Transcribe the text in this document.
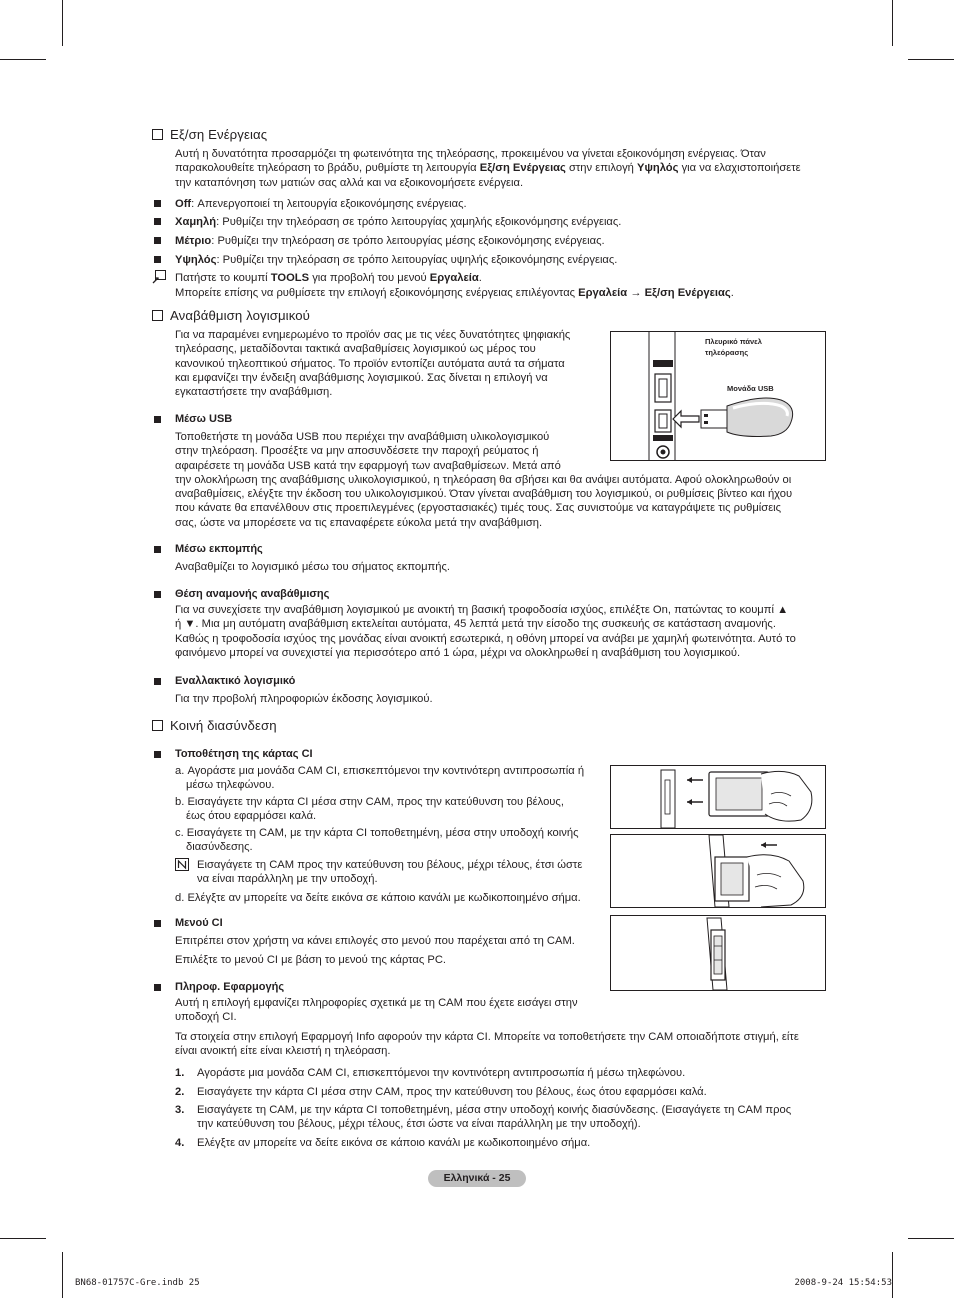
Εξ/ση Ενέργειας
Αυτή η δυνατότητα προσαρμόζει τη φωτεινότητα της τηλεόρασης, προκειμένου να γίνεται εξοικονόμηση ενέργειας. Όταν
παρακολουθείτε τηλεόραση το βράδυ, ρυθμίστε τη λειτουργία Εξ/ση Ενέργειας στην επιλογή Υψηλός για να ελαχιστοποιήσετε
την καταπόνηση των ματιών σας αλλά και να εξοικονομήσετε ενέργεια.
Off: Απενεργοποιεί τη λειτουργία εξοικονόμησης ενέργειας.
Χαμηλή: Ρυθμίζει την τηλεόραση σε τρόπο λειτουργίας χαμηλής εξοικονόμησης ενέργειας.
Μέτριο: Ρυθμίζει την τηλεόραση σε τρόπο λειτουργίας μέσης εξοικονόμησης ενέργειας.
Υψηλός: Ρυθμίζει την τηλεόραση σε τρόπο λειτουργίας υψηλής εξοικονόμησης ενέργειας.
Πατήστε το κουμπί TOOLS για προβολή του μενού Εργαλεία.
Μπορείτε επίσης να ρυθμίσετε την επιλογή εξοικονόμησης ενέργειας επιλέγοντας Εργαλεία → Εξ/ση Ενέργειας.
Αναβάθμιση λογισμικού
Για να παραμένει ενημερωμένο το προϊόν σας με τις νέες δυνατότητες ψηφιακής
τηλεόρασης, μεταδίδονται τακτικά αναβαθμίσεις λογισμικού ως μέρος του
κανονικού τηλεοπτικού σήματος. Το προϊόν εντοπίζει αυτόματα αυτά τα σήματα
και εμφανίζει την ένδειξη αναβάθμισης λογισμικού. Σας δίνεται η επιλογή να
εγκαταστήσετε την αναβάθμιση.
Πλευρικό πάνελ
τηλεόρασης
Μονάδα USB
Μέσω USB
Τοποθετήστε τη μονάδα USB που περιέχει την αναβάθμιση υλικολογισμικού
στην τηλεόραση. Προσέξτε να μην αποσυνδέσετε την παροχή ρεύματος ή
αφαιρέσετε τη μονάδα USB κατά την εφαρμογή των αναβαθμίσεων. Μετά από
την ολοκλήρωση της αναβάθμισης υλικολογισμικού, η τηλεόραση θα σβήσει και θα ανάψει αυτόματα. Αφού ολοκληρωθούν οι
αναβαθμίσεις, ελέγξτε την έκδοση του υλικολογισμικού. Όταν γίνεται αναβάθμιση του λογισμικού, οι ρυθμίσεις βίντεο και ήχου
που κάνατε θα επανέλθουν στις προεπιλεγμένες (εργοστασιακές) τιμές τους. Σας συνιστούμε να καταγράψετε τις ρυθμίσεις
σας, ώστε να μπορέσετε να τις επαναφέρετε εύκολα μετά την αναβάθμιση.
Μέσω εκπομπής
Αναβαθμίζει το λογισμικό μέσω του σήματος εκπομπής.
Θέση αναμονής αναβάθμισης
Για να συνεχίσετε την αναβάθμιση λογισμικού με ανοικτή τη βασική τροφοδοσία ισχύος, επιλέξτε On, πατώντας το κουμπί ▲
ή ▼. Μια μη αυτόματη αναβάθμιση εκτελείται αυτόματα, 45 λεπτά μετά την είσοδο της συσκευής σε κατάσταση αναμονής.
Καθώς η τροφοδοσία ισχύος της μονάδας είναι ανοικτή εσωτερικά, η οθόνη μπορεί να ανάβει με χαμηλή φωτεινότητα. Αυτό το
φαινόμενο μπορεί να συνεχιστεί για περισσότερο από 1 ώρα, μέχρι να ολοκληρωθεί η αναβάθμιση του λογισμικού.
Εναλλακτικό λογισμικό
Για την προβολή πληροφοριών έκδοσης λογισμικού.
Κοινή διασύνδεση
Τοποθέτηση της κάρτας CI
a. Αγοράστε μια μονάδα CAM CI, επισκεπτόμενοι την κοντινότερη αντιπροσωπία ή
μέσω τηλεφώνου.
b. Εισαγάγετε την κάρτα CI μέσα στην CAM, προς την κατεύθυνση του βέλους,
έως ότου εφαρμόσει καλά.
c. Εισαγάγετε τη CAM, με την κάρτα CI τοποθετημένη, μέσα στην υποδοχή κοινής
διασύνδεσης.
Εισαγάγετε τη CAM προς την κατεύθυνση του βέλους, μέχρι τέλους, έτσι ώστε
να είναι παράλληλη με την υποδοχή.
d. Ελέγξτε αν μπορείτε να δείτε εικόνα σε κάποιο κανάλι με κωδικοποιημένο σήμα.
Μενού CI
Επιτρέπει στον χρήστη να κάνει επιλογές στο μενού που παρέχεται από τη CAM.
Επιλέξτε το μενού CI με βάση το μενού της κάρτας PC.
Πληροφ. Εφαρμογής
Αυτή η επιλογή εμφανίζει πληροφορίες σχετικά με τη CAM που έχετε εισάγει στην
υποδοχή CI.
Τα στοιχεία στην επιλογή Εφαρμογή Info αφορούν την κάρτα CI. Μπορείτε να τοποθετήσετε την CAM οποιαδήποτε στιγμή, είτε
είναι ανοικτή είτε είναι κλειστή η τηλεόραση.
1. Αγοράστε μια μονάδα CAM CI, επισκεπτόμενοι την κοντινότερη αντιπροσωπία ή μέσω τηλεφώνου.
2. Εισαγάγετε την κάρτα CI μέσα στην CAM, προς την κατεύθυνση του βέλους, έως ότου εφαρμόσει καλά.
3. Εισαγάγετε τη CAM, με την κάρτα CI τοποθετημένη, μέσα στην υποδοχή κοινής διασύνδεσης. (Εισαγάγετε τη CAM προς
την κατεύθυνση του βέλους, μέχρι τέλους, έτσι ώστε να είναι παράλληλη με την υποδοχή).
4. Ελέγξτε αν μπορείτε να δείτε εικόνα σε κάποιο κανάλι με κωδικοποιημένο σήμα.
Ελληνικά - 25
BN68-01757C-Gre.indb 25	2008-9-24 15:54:53
